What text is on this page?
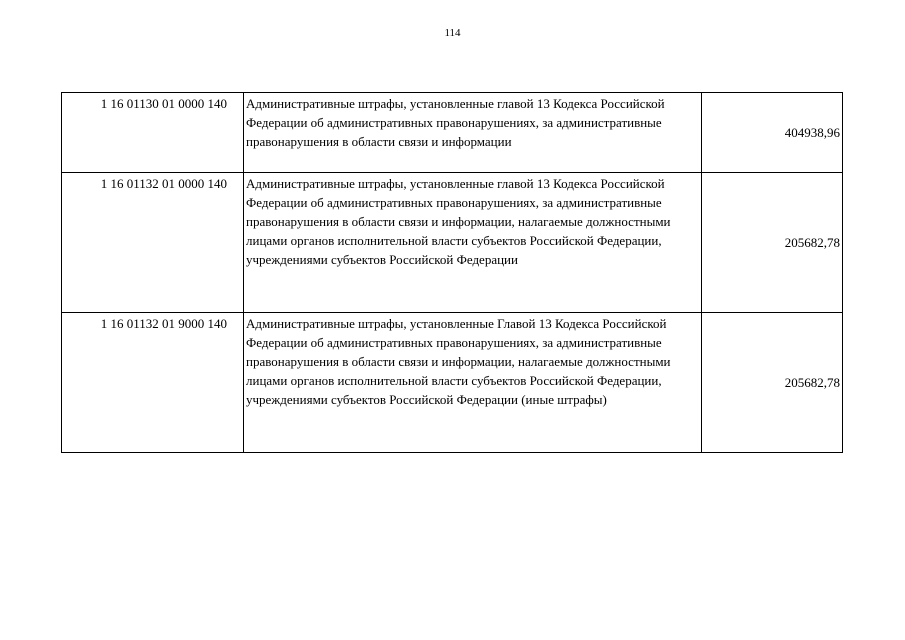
114
1 16 01130 01 0000 140	Административные штрафы, установленные главой 13 Кодекса Российской Федерации об административных правонарушениях, за административные правонарушения в области связи и информации	404938,96
1 16 01132 01 0000 140	Административные штрафы, установленные главой 13 Кодекса Российской Федерации об административных правонарушениях, за административные правонарушения в области связи и информации, налагаемые должностными лицами органов исполнительной власти субъектов Российской Федерации, учреждениями субъектов Российской Федерации	205682,78
1 16 01132 01 9000 140	Административные штрафы, установленные Главой 13 Кодекса Российской Федерации об административных правонарушениях, за административные правонарушения в области связи и информации, налагаемые должностными лицами органов исполнительной власти субъектов Российской Федерации, учреждениями субъектов Российской Федерации (иные штрафы)	205682,78
